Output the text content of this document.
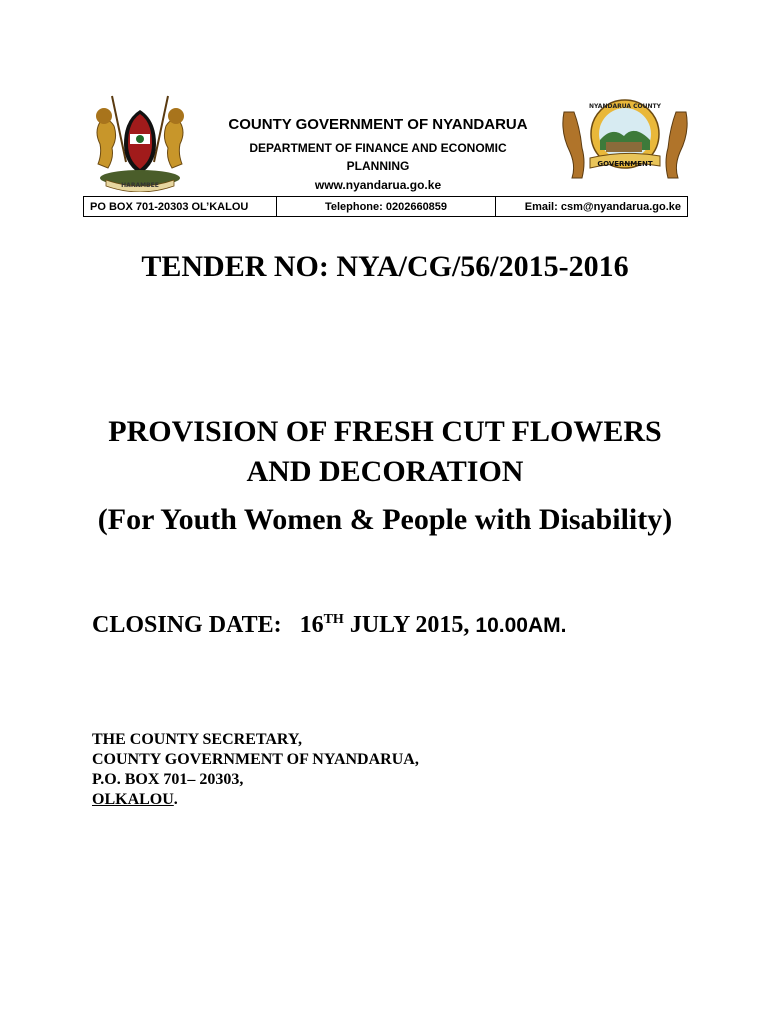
HARAMBEE
NYANDARUA COUNTY
GOVERNMENT
COUNTY GOVERNMENT OF NYANDARUA
DEPARTMENT OF FINANCE AND ECONOMIC
PLANNING
www.nyandarua.go.ke
PO BOX 701-20303 OL’KALOU	Telephone: 0202660859	Email: csm@nyandarua.go.ke
TENDER NO: NYA/CG/56/2015-2016
PROVISION OF FRESH CUT FLOWERS
AND DECORATION
(For Youth Women & People with Disability)
CLOSING DATE: 16TH JULY 2015, 10.00AM.
THE COUNTY SECRETARY,
COUNTY GOVERNMENT OF NYANDARUA,
P.O. BOX 701– 20303,
OLKALOU.
